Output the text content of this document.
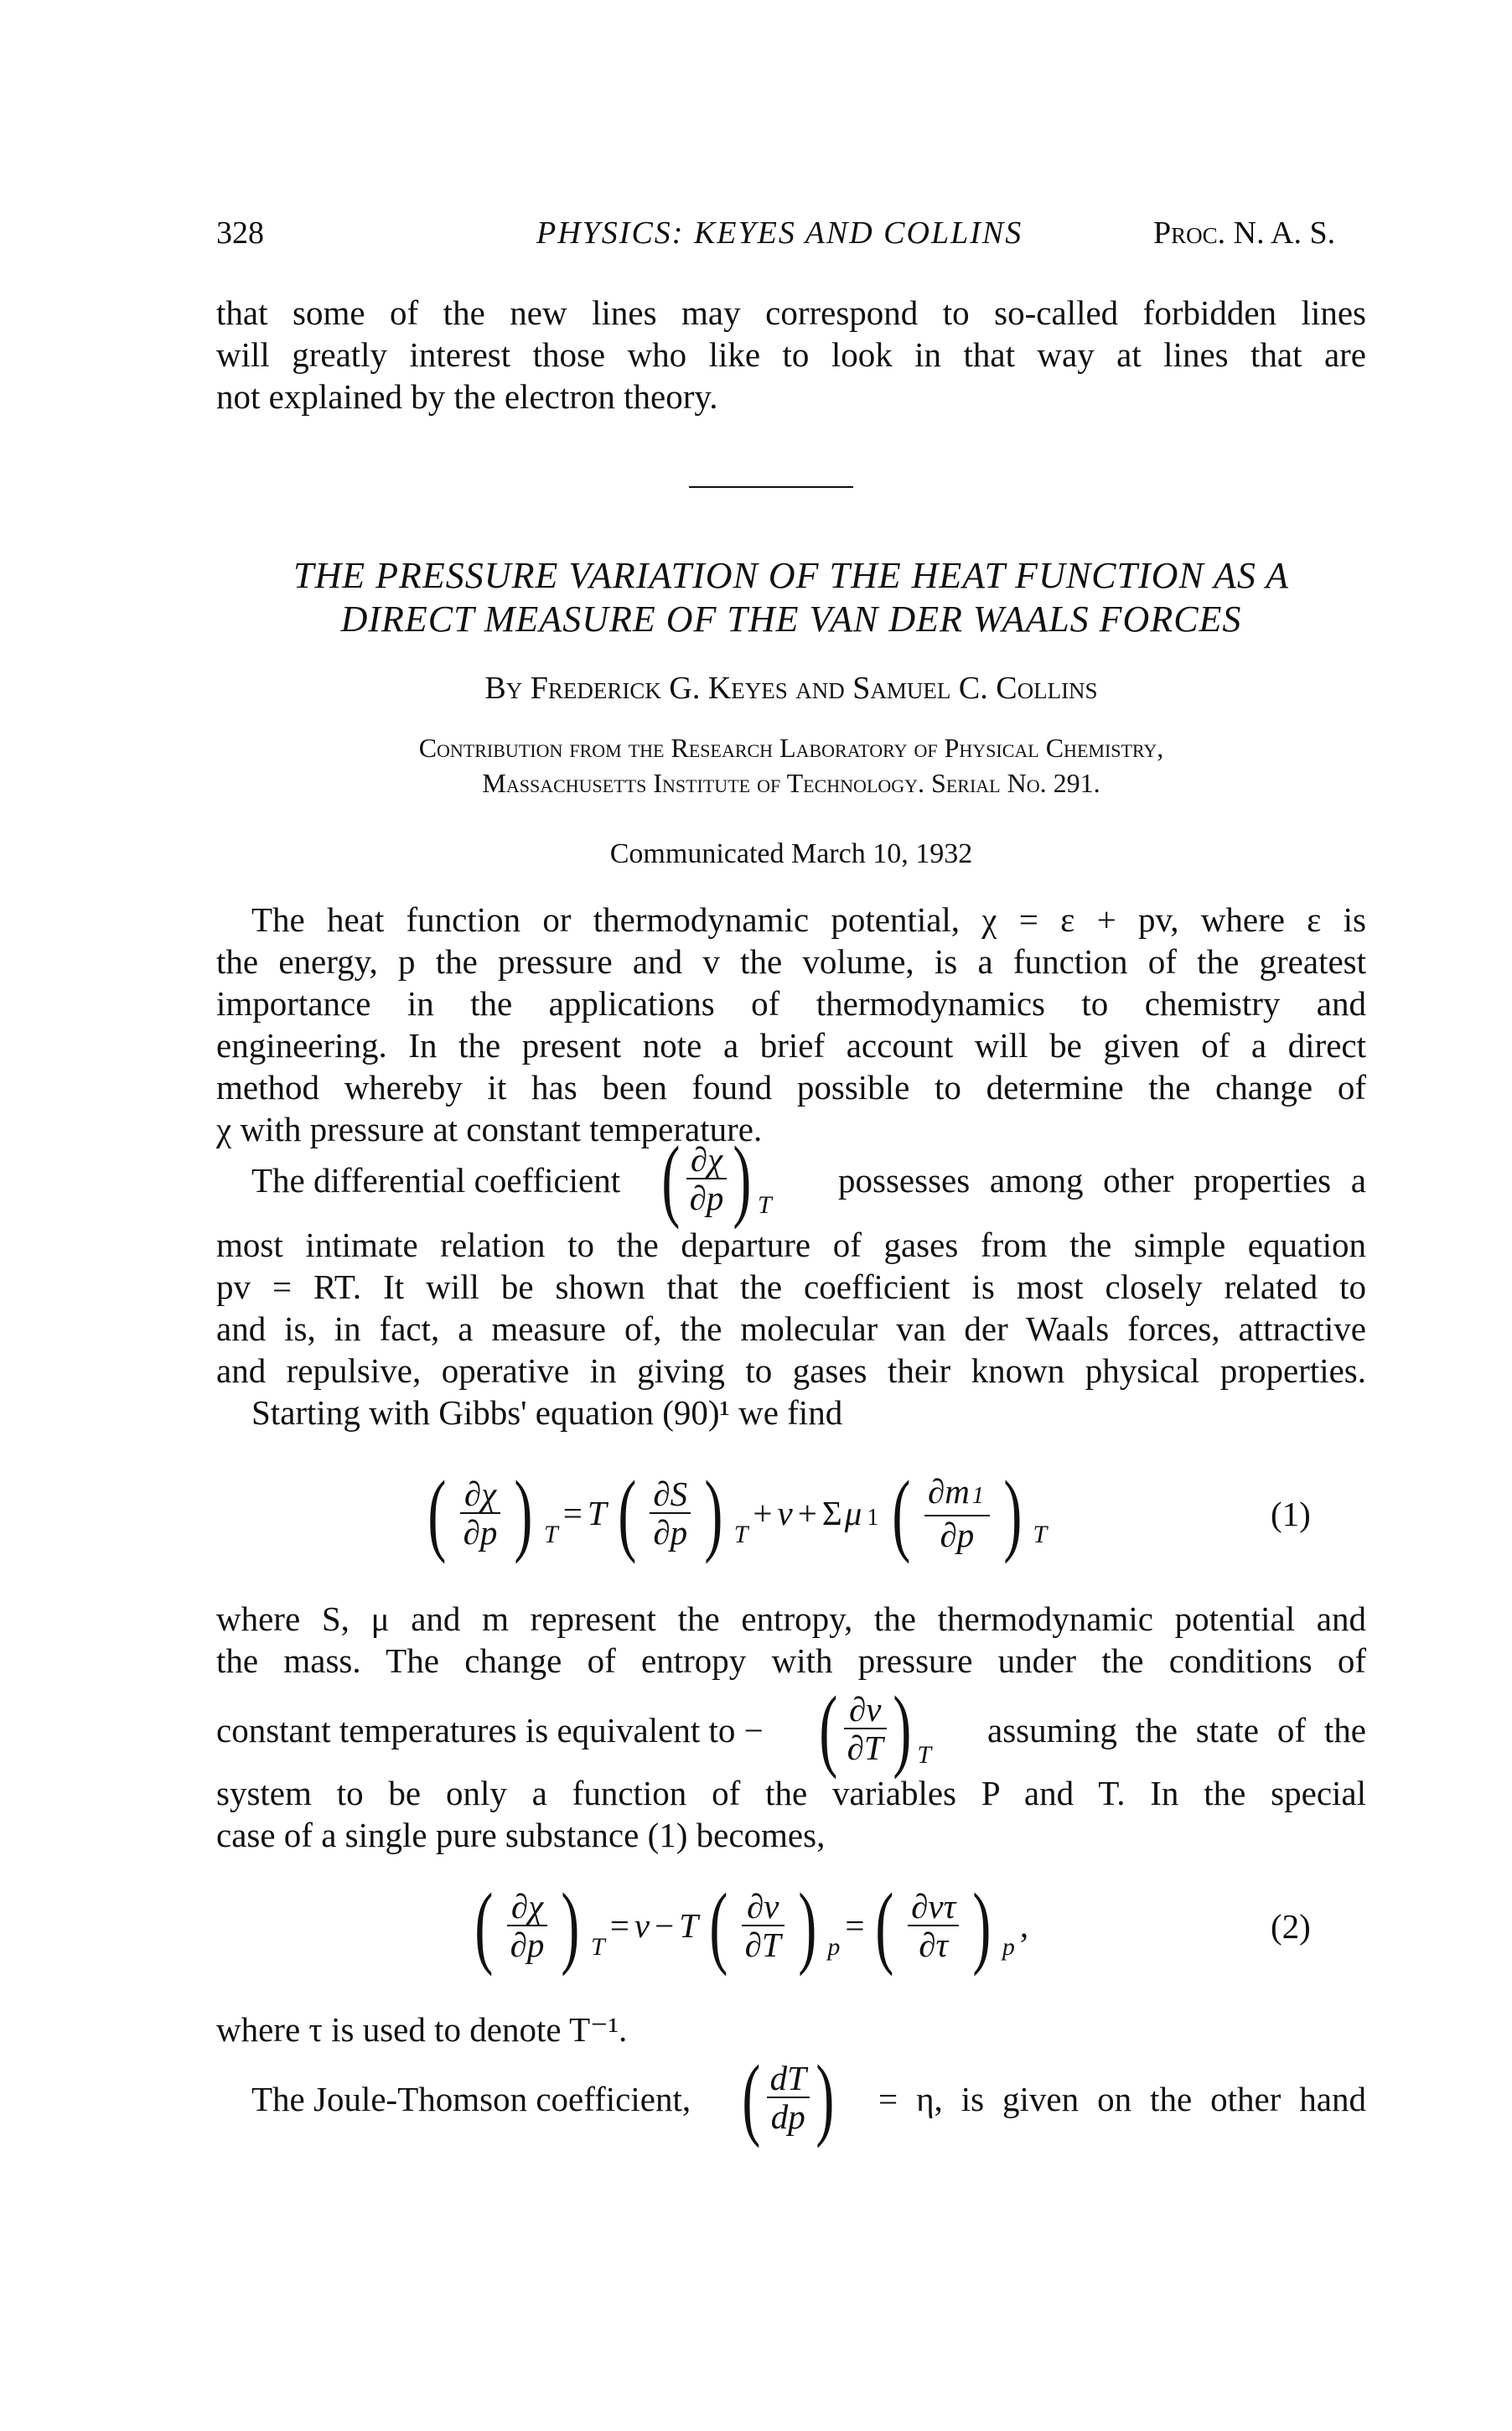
328	PHYSICS: KEYES AND COLLINS	Proc. N. A. S.
that some of the new lines may correspond to so-called forbidden lines
will greatly interest those who like to look in that way at lines that are
not explained by the electron theory.
THE PRESSURE VARIATION OF THE HEAT FUNCTION AS A
DIRECT MEASURE OF THE VAN DER WAALS FORCES
By Frederick G. Keyes and Samuel C. Collins
Contribution from the Research Laboratory of Physical Chemistry,
Massachusetts Institute of Technology. Serial No. 291.
Communicated March 10, 1932
The heat function or thermodynamic potential, χ = ε + pv, where ε is
the energy, p the pressure and v the volume, is a function of the greatest
importance in the applications of thermodynamics to chemistry and
engineering. In the present note a brief account will be given of a direct
method whereby it has been found possible to determine the change of
χ with pressure at constant temperature.
The differential coefficient ( $\frac{\partial\chi}{\partial p}$ ) T
possesses among other properties a
most intimate relation to the departure of gases from the simple equation
pv = RT. It will be shown that the coefficient is most closely related to
and is, in fact, a measure of, the molecular van der Waals forces, attractive
and repulsive, operative in giving to gases their known physical properties.
Starting with Gibbs' equation (90)¹ we find
( $\frac{\partial\chi}{\partial p}$ ) T
= T ( $\frac{\partial S}{\partial p}$ ) T
+ v + Σμ 1 ( $\frac{\partial m 1}{\partial p}$ ) T
(1)
where S, μ and m represent the entropy, the thermodynamic potential and
the mass. The change of entropy with pressure under the conditions of
constant temperatures is equivalent to − ( $\frac{\partial v}{\partial T}$ ) T
assuming the state of the
system to be only a function of the variables P and T. In the special
case of a single pure substance (1) becomes,
( $\frac{\partial\chi}{\partial p}$ ) T
= v − T ( $\frac{\partial v}{\partial T}$ ) p
= ( $\frac{\partial v\tau}{\partial\tau}$ ) p
,	(2)
where τ is used to denote T⁻¹.
The Joule-Thomson coefficient, ( $\frac{dT}{dp}$ ) = η, is given on the other hand
